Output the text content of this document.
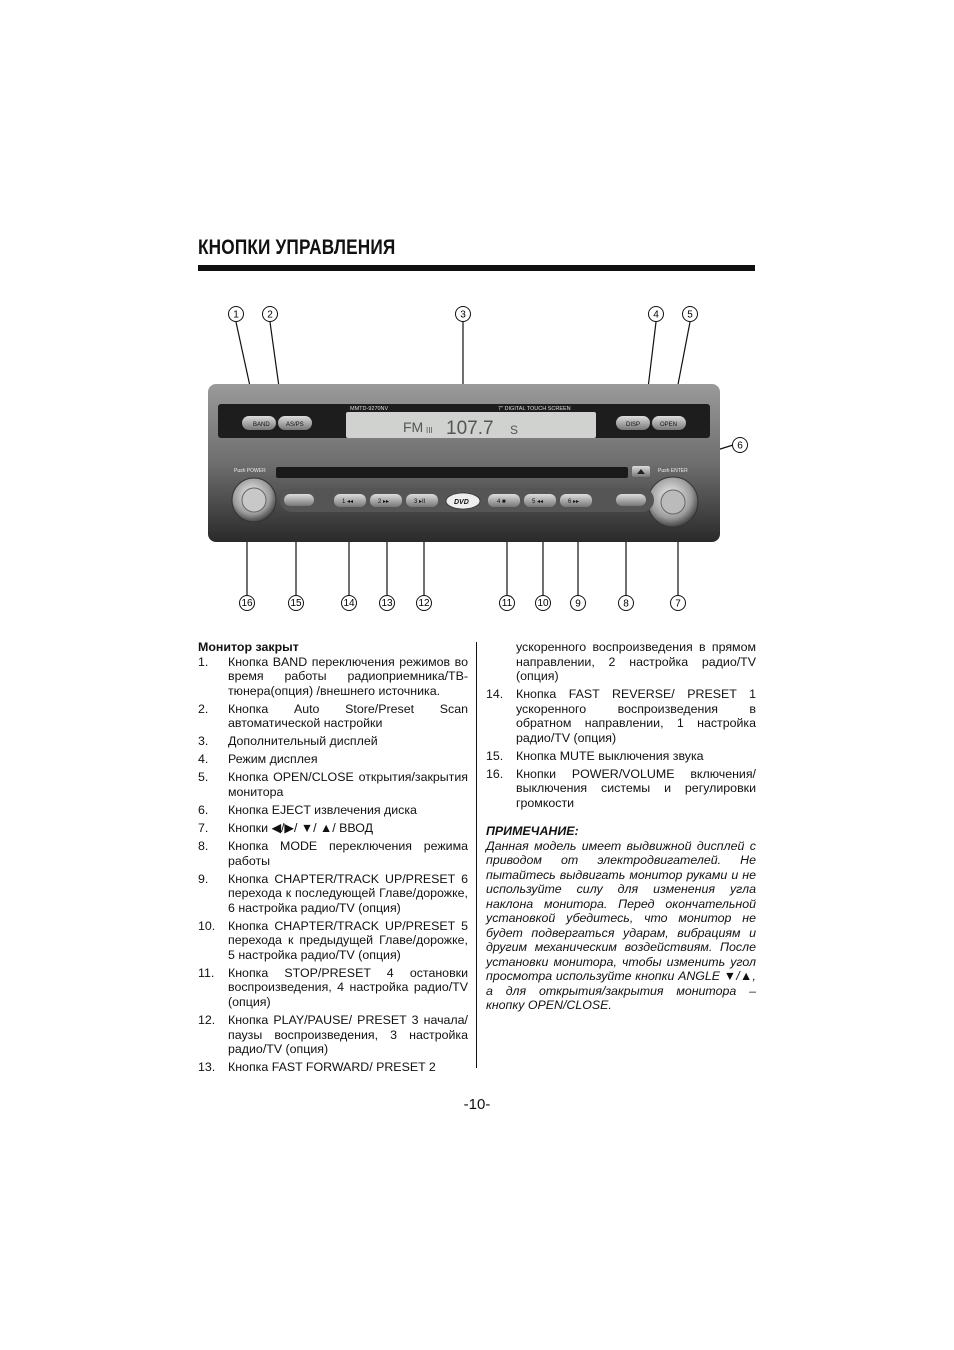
КНОПКИ УПРАВЛЕНИЯ
MMTD-9270NV	7" DIGITAL TOUCH SCREEN
FM III 107.7 S
BAND	AS/PS	DISP	OPEN
Push POWER	Push ENTER
1 ◂◂	2 ▸▸	3 ▸II	DVD	4 ■	5 ◂◂	6 ▸▸
1	2	3	4	5
6
16	15	14	13	12	11	10	9	8	7
Монитор закрыт
1.	Кнопка BAND переключения режимов во время работы радиоприемника/ТВ-тюнера(опция) /внешнего источника.
2.	Кнопка Auto Store/Preset Scan автоматической настройки
3.	Дополнительный дисплей
4.	Режим дисплея
5.	Кнопка OPEN/CLOSE открытия/закрытия монитора
6.	Кнопка EJECT извлечения диска
7.	Кнопки ◀/▶/ ▼/ ▲/ ВВОД
8.	Кнопка MODE переключения режима работы
9.	Кнопка CHAPTER/TRACK UP/PRESET 6 перехода к последующей Главе/дорожке, 6 настройка радио/TV (опция)
10.	Кнопка CHAPTER/TRACK UP/PRESET 5 перехода к предыдущей Главе/дорожке, 5 настройка радио/TV (опция)
11.	Кнопка STOP/PRESET 4 остановки воспроизведения, 4 настройка радио/TV (опция)
12.	Кнопка PLAY/PAUSE/ PRESET 3 начала/паузы воспроизведения, 3 настройка радио/TV (опция)
13.	Кнопка FAST FORWARD/ PRESET 2
ускоренного воспроизведения в прямом направлении, 2 настройка радио/TV (опция)
14.	Кнопка FAST REVERSE/ PRESET 1 ускоренного воспроизведения в обратном направлении, 1 настройка радио/TV (опция)
15.	Кнопка MUTE выключения звука
16.	Кнопки POWER/VOLUME включения/выключения системы и регулировки громкости
ПРИМЕЧАНИЕ:
Данная модель имеет выдвижной дисплей с приводом от электродвигателей. Не пытайтесь выдвигать монитор руками и не используйте силу для изменения угла наклона монитора. Перед окончательной установкой убедитесь, что монитор не будет подвергаться ударам, вибрациям и другим механическим воздействиям. После установки монитора, чтобы изменить угол просмотра используйте кнопки ANGLE ▼/▲, а для открытия/закрытия монитора – кнопку OPEN/CLOSE.
-10-
